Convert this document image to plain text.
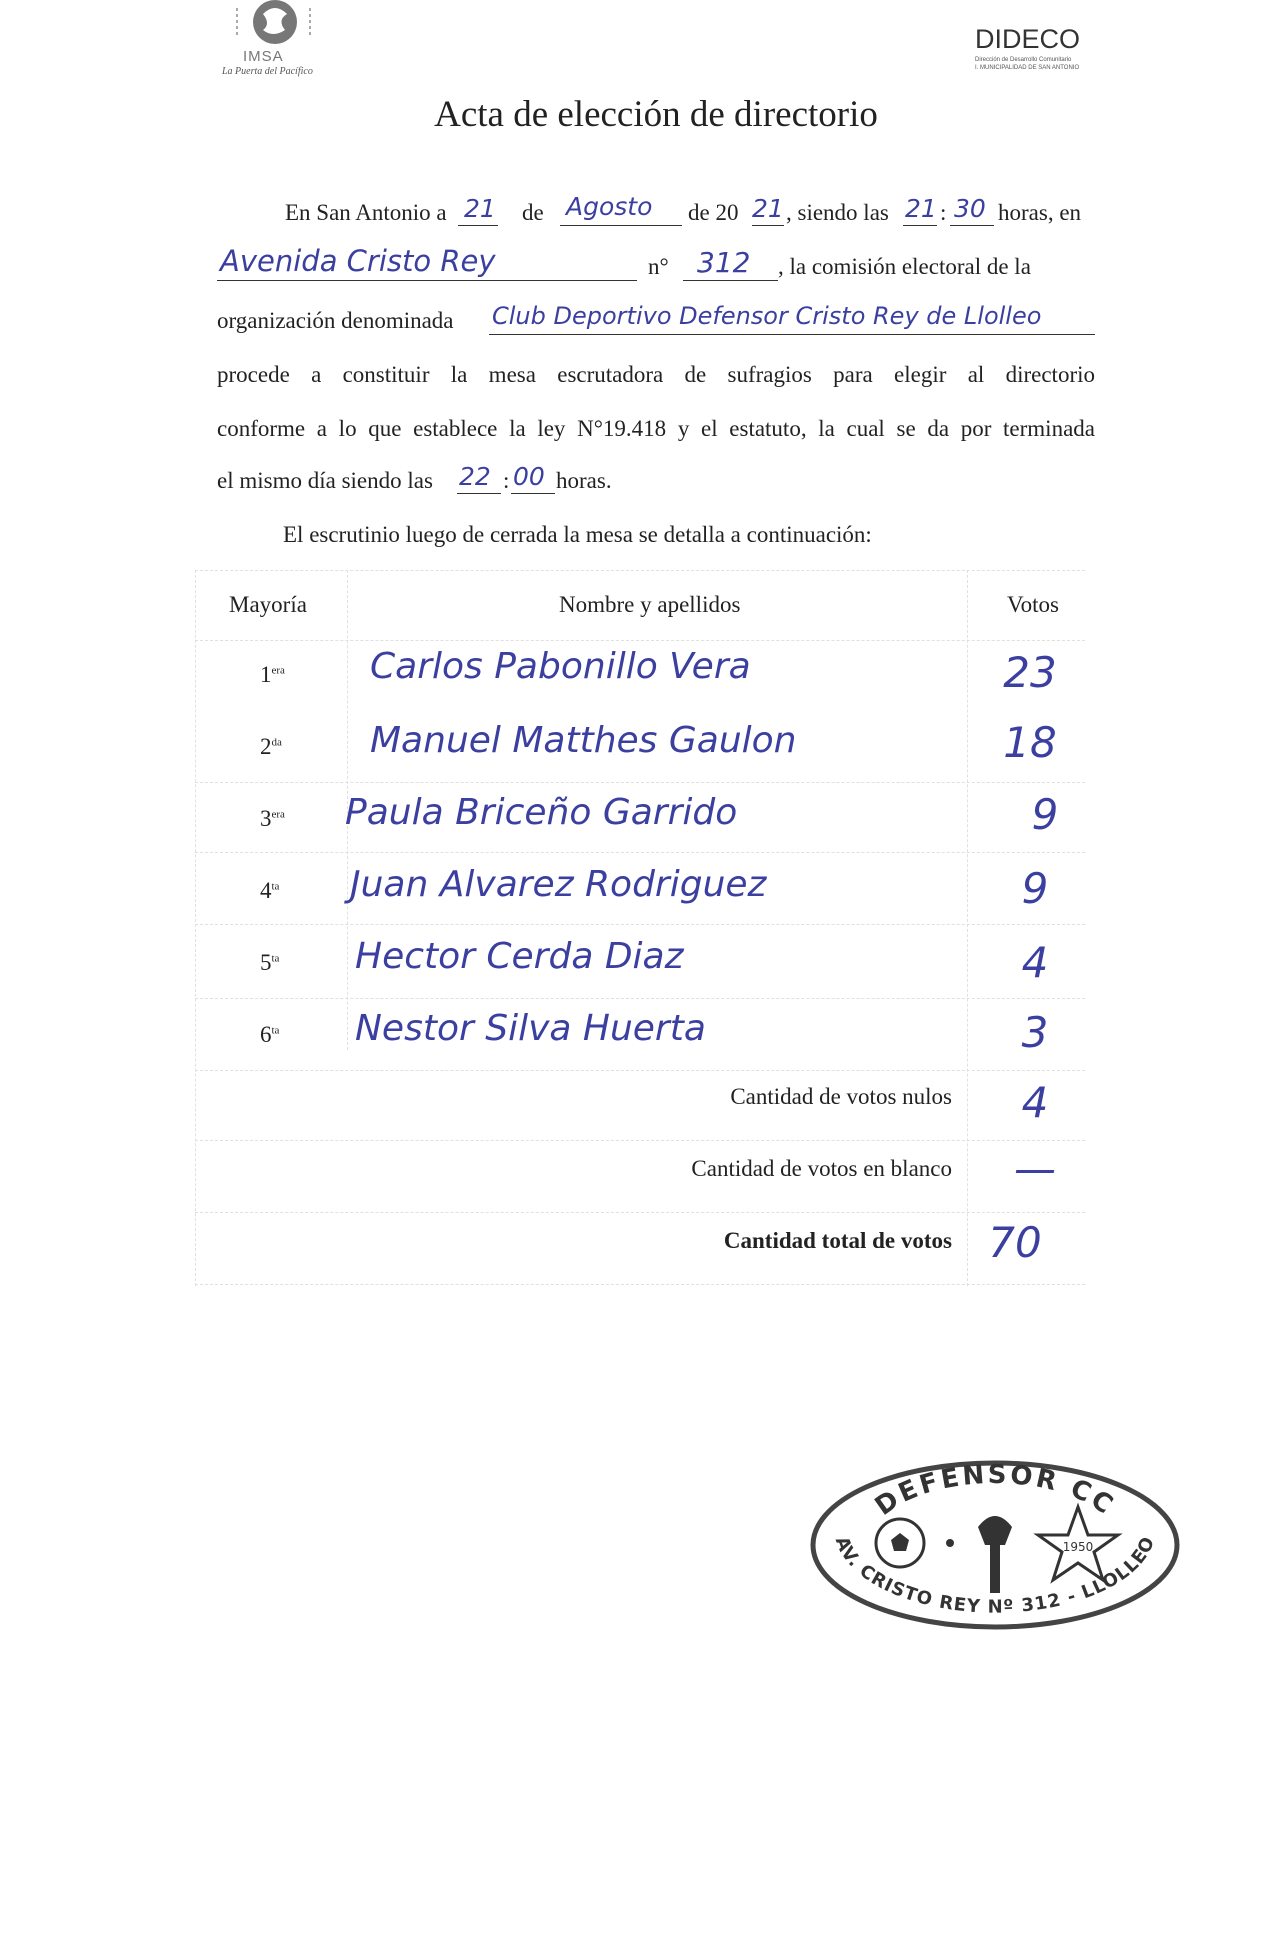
IMSA
La Puerta del Pacífico
DIDECO
Dirección de Desarrollo Comunitario
I. MUNICIPALIDAD DE SAN ANTONIO
Acta de elección de directorio
En San Antonio a 21 de Agosto de 20 21 , siendo las 21 : 30 horas, en
Avenida Cristo Rey	n° 312 , la comisión electoral de la
organización denominada Club Deportivo Defensor Cristo Rey de Llolleo
procede a constituir la mesa escrutadora de sufragios para elegir al directorio
conforme a lo que establece la ley N°19.418 y el estatuto, la cual se da por terminada
el mismo día siendo las 22 : 00 horas.
El escrutinio luego de cerrada la mesa se detalla a continuación:
Mayoría	Nombre y apellidos	Votos
$1^{era}$ Carlos Pabonillo Vera	23
$2^{da}$ Manuel Matthes Gaulon	18
$3^{era}$ Paula Briceño Garrido	9
$4^{ta}$ Juan Alvarez Rodriguez	9
$5^{ta}$ Hector Cerda Diaz	4
$6^{ta}$ Nestor Silva Huerta	3
Cantidad de votos nulos	4
Cantidad de votos en blanco	—
Cantidad total de votos 70
DEFENSOR CC
AV. CRISTO REY Nº 312 - LLOLLEO
1950
